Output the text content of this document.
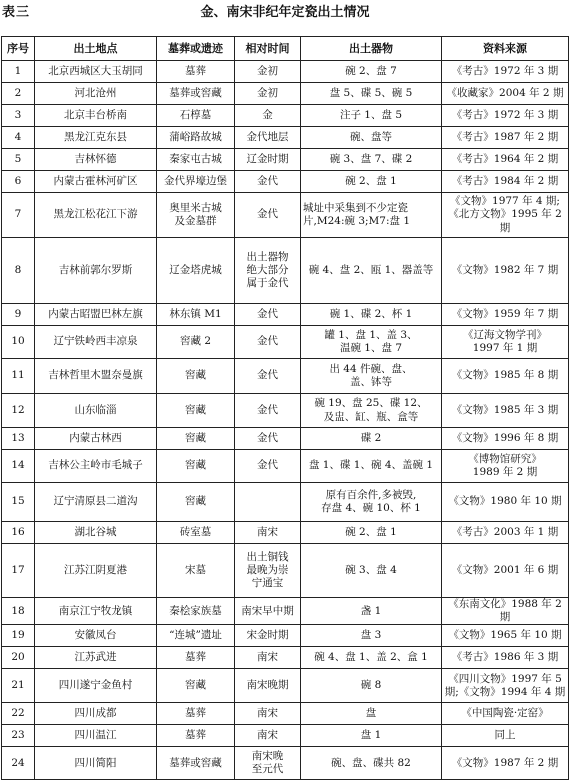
表三	金、南宋非纪年定瓷出土情况
序号	出土地点	墓葬或遗迹	相对时间	出土器物	资料来源
1	北京西城区大玉胡同	墓葬	金初	碗 2、盘 7	《考古》1972 年 3 期
2	河北沧州	墓葬或窖藏	金初	盘 5、碟 5、碗 5	《收藏家》2004 年 2 期
3	北京丰台桥南	石椁墓	金	注子 1、盘 5	《考古》1972 年 3 期
4	黑龙江克东县	蒲峪路故城	金代地层	碗、盘等	《考古》1987 年 2 期
5	吉林怀德	秦家屯古城	辽金时期	碗 3、盘 7、碟 2	《考古》1964 年 2 期
6	内蒙古霍林河矿区	金代界壕边堡	金代	碗 2、盘 1	《考古》1984 年 2 期
7	黑龙江松花江下游	奥里米古城
及金墓群	金代	城址中采集到不少定瓷片,M24:碗 3;M7:盘 1	《文物》1977 年 4 期;
《北方文物》1995 年 2 期
8	吉林前郭尔罗斯	辽金塔虎城	出土器物
绝大部分
属于金代	碗 4、盘 2、瓯 1、器盖等	《文物》1982 年 7 期
9	内蒙古昭盟巴林左旗	林东镇 M1	金代	碗 1、碟 2、杯 1	《文物》1959 年 7 期
10	辽宁铁岭西丰凉泉	窖藏 2	金代	罐 1、盘 1、盖 3、
温碗 1、盘 7	《辽海文物学刊》
1997 年 1 期
11	吉林哲里木盟奈曼旗	窖藏	金代	出 44 件碗、盘、
盖、钵等	《文物》1985 年 8 期
12	山东临淄	窖藏	金代	碗 19、盘 25、碟 12、
及盅、缸、瓶、盒等	《文物》1985 年 3 期
13	内蒙古林西	窖藏	金代	碟 2	《文物》1996 年 8 期
14	吉林公主岭市毛城子	窖藏	金代	盘 1、碟 1、碗 4、盖碗 1	《博物馆研究》
1989 年 2 期
15	辽宁清原县二道沟	窖藏		原有百余件,多被毁,
存盘 4、碗 10、杯 1	《文物》1980 年 10 期
16	湖北谷城	砖室墓	南宋	碗 2、盘 1	《考古》2003 年 1 期
17	江苏江阴夏港	宋墓	出土铜钱
最晚为崇
宁通宝	碗 3、盘 4	《文物》2001 年 6 期
18	南京江宁牧龙镇	秦桧家族墓	南宋早中期	盏 1	《东南文化》1988 年 2 期
19	安徽凤台	“连城”遗址	宋金时期	盘 3	《文物》1965 年 10 期
20	江苏武进	墓葬	南宋	碗 4、盘 1、盖 2、盒 1	《考古》1986 年 3 期
21	四川遂宁金鱼村	窖藏	南宋晚期	碗 8	《四川文物》1997 年 5
期;《文物》1994 年 4 期
22	四川成都	墓葬	南宋	盘	《中国陶瓷·定窑》
23	四川温江	墓葬	南宋	盘 1	同上
24	四川简阳	墓葬或窖藏	南宋晚
至元代	碗、盘、碟共 82	《文物》1987 年 2 期
